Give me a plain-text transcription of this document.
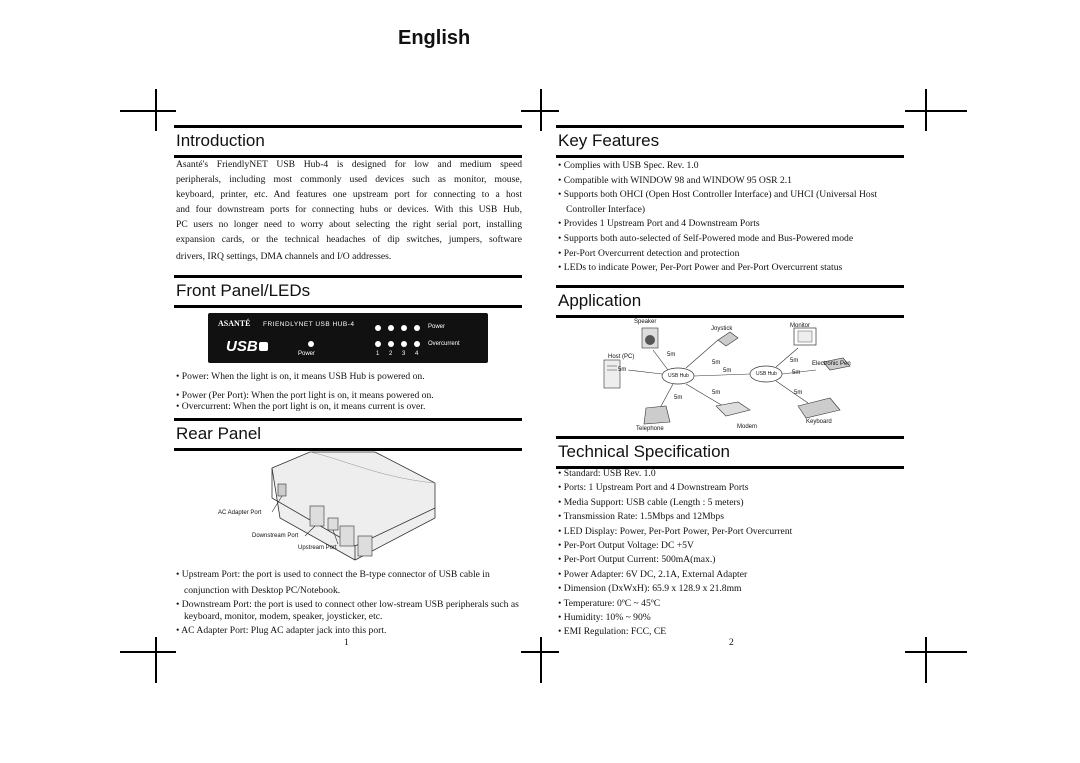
English
Introduction
Asanté's FriendlyNET USB Hub-4 is designed for low and medium speed
peripherals, including most commonly used devices such as monitor, mouse,
keyboard, printer, etc. And features one upstream port for connecting to a host
and four downstream ports for connecting hubs or devices. With this USB Hub,
PC users no longer need to worry about selecting the right serial port, installing
expansion cards, or the technical headaches of dip switches, jumpers, software
drivers, IRQ settings, DMA channels and I/O addresses.
Front Panel/LEDs
ASANTÉ FRIENDLYNET USB HUB-4
USB
Power
Overcurrent
Power	1 2 3 4
• Power: When the light is on, it means USB Hub is powered on.
• Power (Per Port): When the port light is on, it means powered on.
• Overcurrent: When the port light is on, it means current is over.
Rear Panel
AC Adapter Port
Downstream Port
Upstream Port
• Upstream Port: the port is used to connect the B-type connector of USB cable in conjunction with Desktop PC/Notebook.
• Downstream Port: the port is used to connect other low-stream USB peripherals such as keyboard, monitor, modem, speaker, joysticker, etc.
• AC Adapter Port: Plug AC adapter jack into this port.
1
Key Features
• Complies with USB Spec. Rev. 1.0
• Compatible with WINDOW 98 and WINDOW 95 OSR 2.1
• Supports both OHCI (Open Host Controller Interface) and UHCI (Universal Host Controller Interface)
• Provides 1 Upstream Port and 4 Downstream Ports
• Supports both auto-selected of Self-Powered mode and Bus-Powered mode
• Per-Port Overcurrent detection and protection
• LEDs to indicate Power, Per-Port Power and Per-Port Overcurrent status
Application
Speaker
Joystick	Monitor
Host (PC)
Electronic Pen
USB Hub	USB Hub
Telephone	Modem
Keyboard
5m
5m
5m
5m
5m
5m
5m
5m	5m
Technical Specification
• Standard: USB Rev. 1.0
• Ports: 1 Upstream Port and 4 Downstream Ports
• Media Support: USB cable (Length : 5 meters)
• Transmission Rate: 1.5Mbps and 12Mbps
• LED Display: Power, Per-Port Power, Per-Port Overcurrent
• Per-Port Output Voltage: DC +5V
• Per-Port Output Current: 500mA(max.)
• Power Adapter: 6V DC, 2.1A, External Adapter
• Dimension (DxWxH): 65.9 x 128.9 x 21.8mm
• Temperature: 0ºC ~ 45ºC
• Humidity: 10% ~ 90%
• EMI Regulation: FCC, CE
2
